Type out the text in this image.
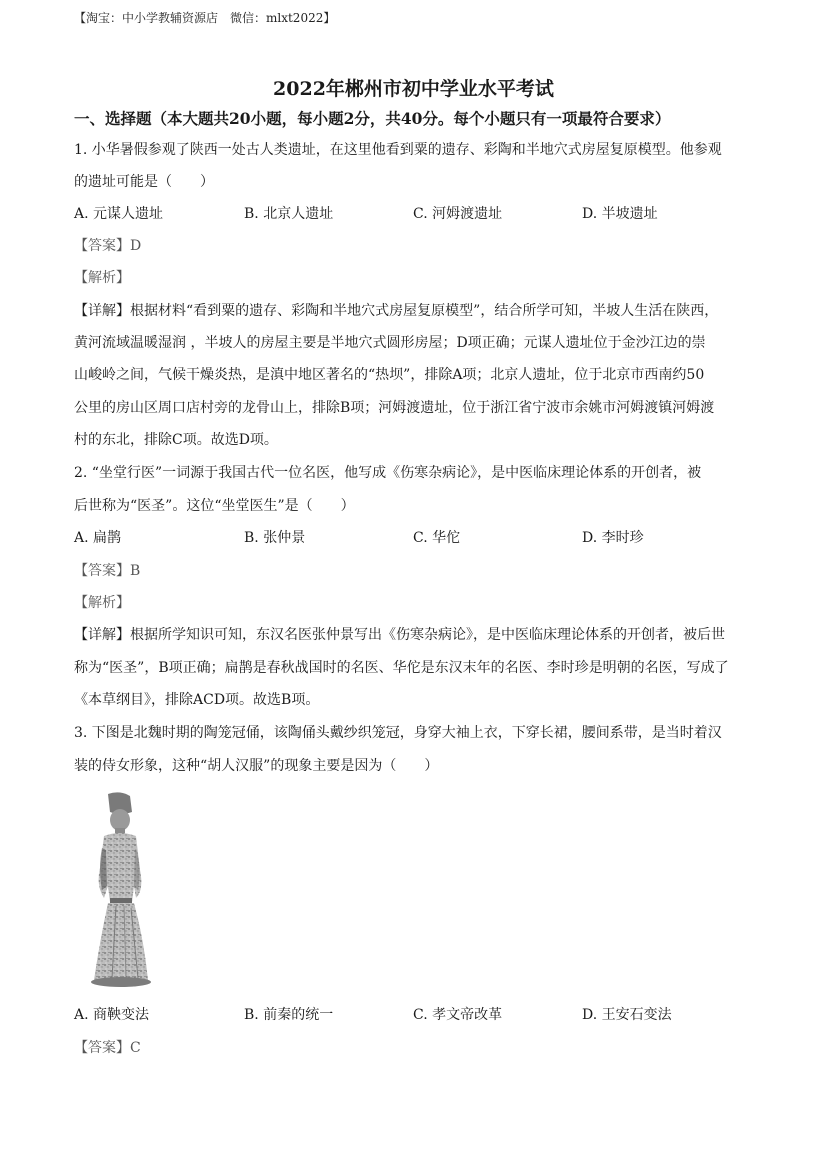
【淘宝：中小学教辅资源店　微信：mlxt2022】
2022年郴州市初中学业水平考试
一、选择题（本大题共20小题，每小题2分，共40分。每个小题只有一项最符合要求）
1. 小华暑假参观了陕西一处古人类遗址，在这里他看到粟的遗存、彩陶和半地穴式房屋复原模型。他参观
的遗址可能是（　　）
A. 元谋人遗址	B. 北京人遗址	C. 河姆渡遗址	D. 半坡遗址
【答案】D
【解析】
【详解】根据材料“看到粟的遗存、彩陶和半地穴式房屋复原模型”，结合所学可知，半坡人生活在陕西，
黄河流域温暖湿润 ，半坡人的房屋主要是半地穴式圆形房屋；D项正确；元谋人遗址位于金沙江边的崇
山峻岭之间，气候干燥炎热，是滇中地区著名的“热坝”，排除A项；北京人遗址，位于北京市西南约50
公里的房山区周口店村旁的龙骨山上，排除B项；河姆渡遗址，位于浙江省宁波市余姚市河姆渡镇河姆渡
村的东北，排除C项。故选D项。
2. “坐堂行医”一词源于我国古代一位名医，他写成《伤寒杂病论》，是中医临床理论体系的开创者，被
后世称为“医圣”。这位“坐堂医生”是（　　）
A. 扁鹊	B. 张仲景	C. 华佗	D. 李时珍
【答案】B
【解析】
【详解】根据所学知识可知，东汉名医张仲景写出《伤寒杂病论》，是中医临床理论体系的开创者，被后世
称为“医圣”，B项正确；扁鹊是春秋战国时的名医、华佗是东汉末年的名医、李时珍是明朝的名医，写成了
《本草纲目》，排除ACD项。故选B项。
3. 下图是北魏时期的陶笼冠俑，该陶俑头戴纱织笼冠，身穿大袖上衣，下穿长裙，腰间系带，是当时着汉
装的侍女形象，这种“胡人汉服”的现象主要是因为（　　）
A. 商鞅变法	B. 前秦的统一	C. 孝文帝改革	D. 王安石变法
【答案】C
